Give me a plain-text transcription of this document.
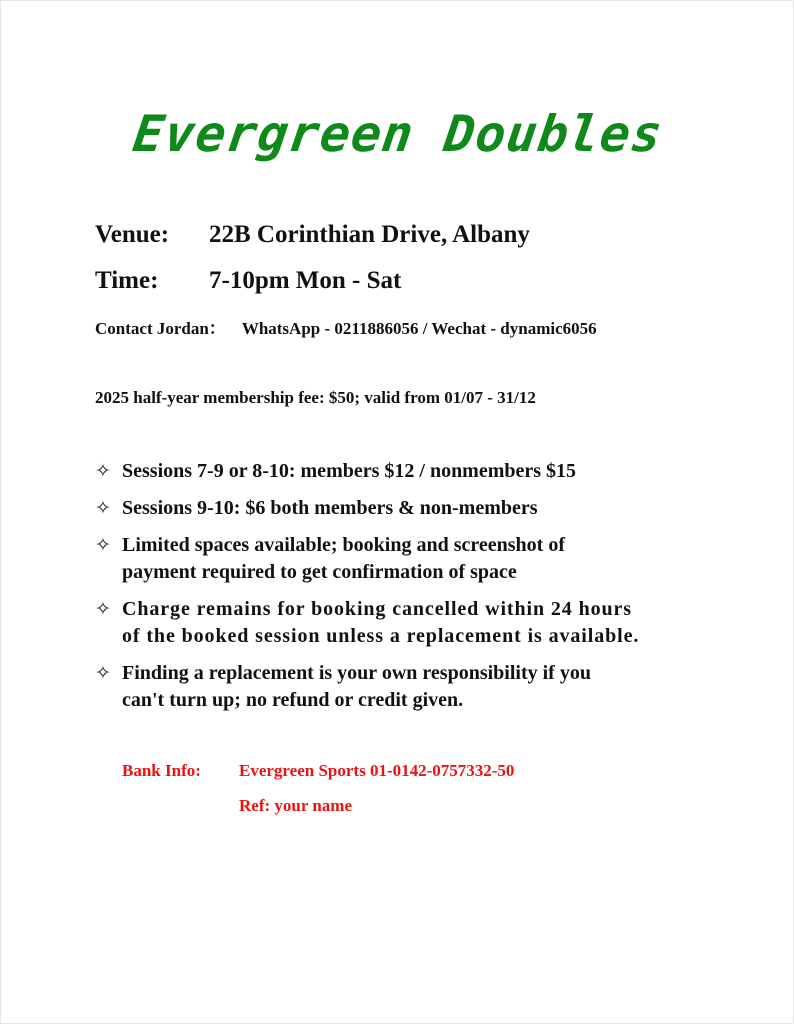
Evergreen Doubles
Venue: 22B Corinthian Drive, Albany
Time: 7-10pm Mon - Sat
Contact Jordan： WhatsApp - 0211886056 / Wechat - dynamic6056
2025 half-year membership fee: $50; valid from 01/07 - 31/12
✧ Sessions 7-9 or 8-10: members $12 / nonmembers $15
✧ Sessions 9-10: $6 both members & non-members
✧ Limited spaces available; booking and screenshot of
payment required to get confirmation of space
✧ Charge remains for booking cancelled within 24 hours
of the booked session unless a replacement is available.
✧ Finding a replacement is your own responsibility if you
can't turn up; no refund or credit given.
Bank Info: Evergreen Sports 01-0142-0757332-50
Ref: your name
